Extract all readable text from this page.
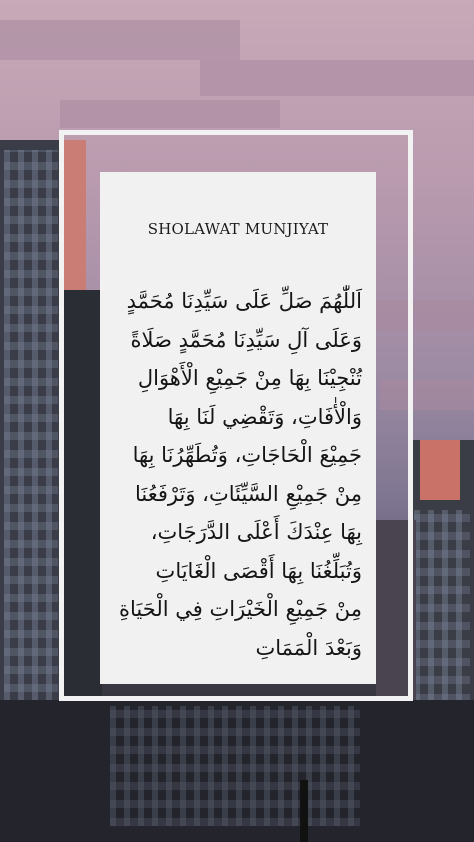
SHOLAWAT MUNJIYAT

اَللّٰهُمَ صَلِّ عَلَى سَيِّدِنَا مُحَمَّدٍ
وَعَلَى آلِ سَيِّدِنَا مُحَمَّدٍ صَلَاةً
تُنْجِيْنَا بِهَا مِنْ جَمِيْعِ الْأَهْوَالِ
وَالْأٰفَاتِ، وَتَقْضِي لَنَا بِهَا
جَمِيْعَ الْحَاجَاتِ، وَتُطَهِّرُنَا بِهَا
مِنْ جَمِيْعِ السَّيِّئَاتِ، وَتَرْفَعُنَا
بِهَا عِنْدَكَ أَعْلَى الدَّرَجَاتِ،
وَتُبَلِّغُنَا بِهَا أَقْصَى الْغَايَاتِ
مِنْ جَمِيْعِ الْخَيْرَاتِ فِي الْحَيَاةِ
وَبَعْدَ الْمَمَاتِ
